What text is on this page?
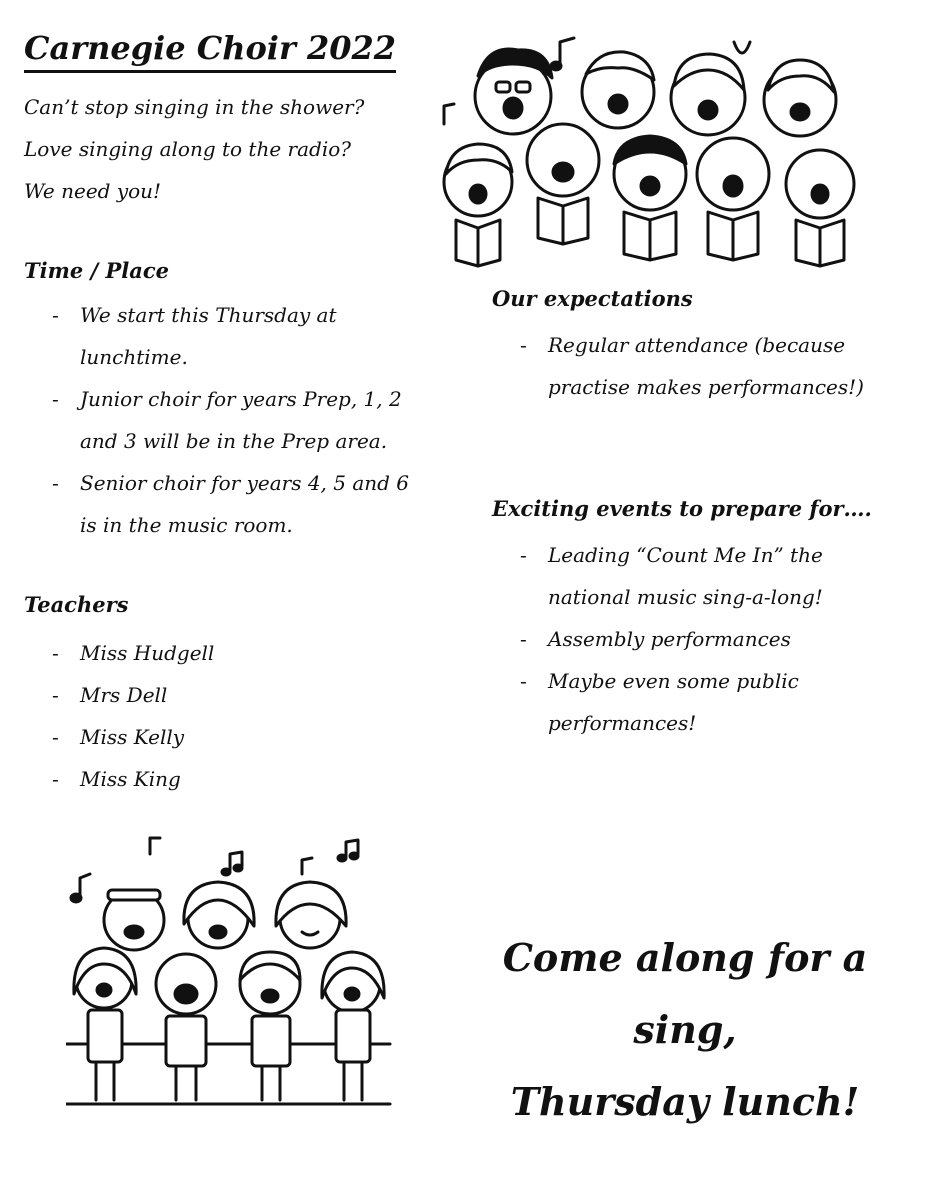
Carnegie Choir 2022
Can’t stop singing in the shower?
Love singing along to the radio?
We need you!
Time / Place
- We start this Thursday at lunchtime.
- Junior choir for years Prep, 1, 2 and 3 will be in the Prep area.
- Senior choir for years 4, 5 and 6 is in the music room.
Teachers
- Miss Hudgell
- Mrs Dell
- Miss Kelly
- Miss King
Our expectations
- Regular attendance (because practise makes performances!)
Exciting events to prepare for….
- Leading “Count Me In” the national music sing-a-long!
- Assembly performances
- Maybe even some public performances!
Come along for a sing,
Thursday lunch!
